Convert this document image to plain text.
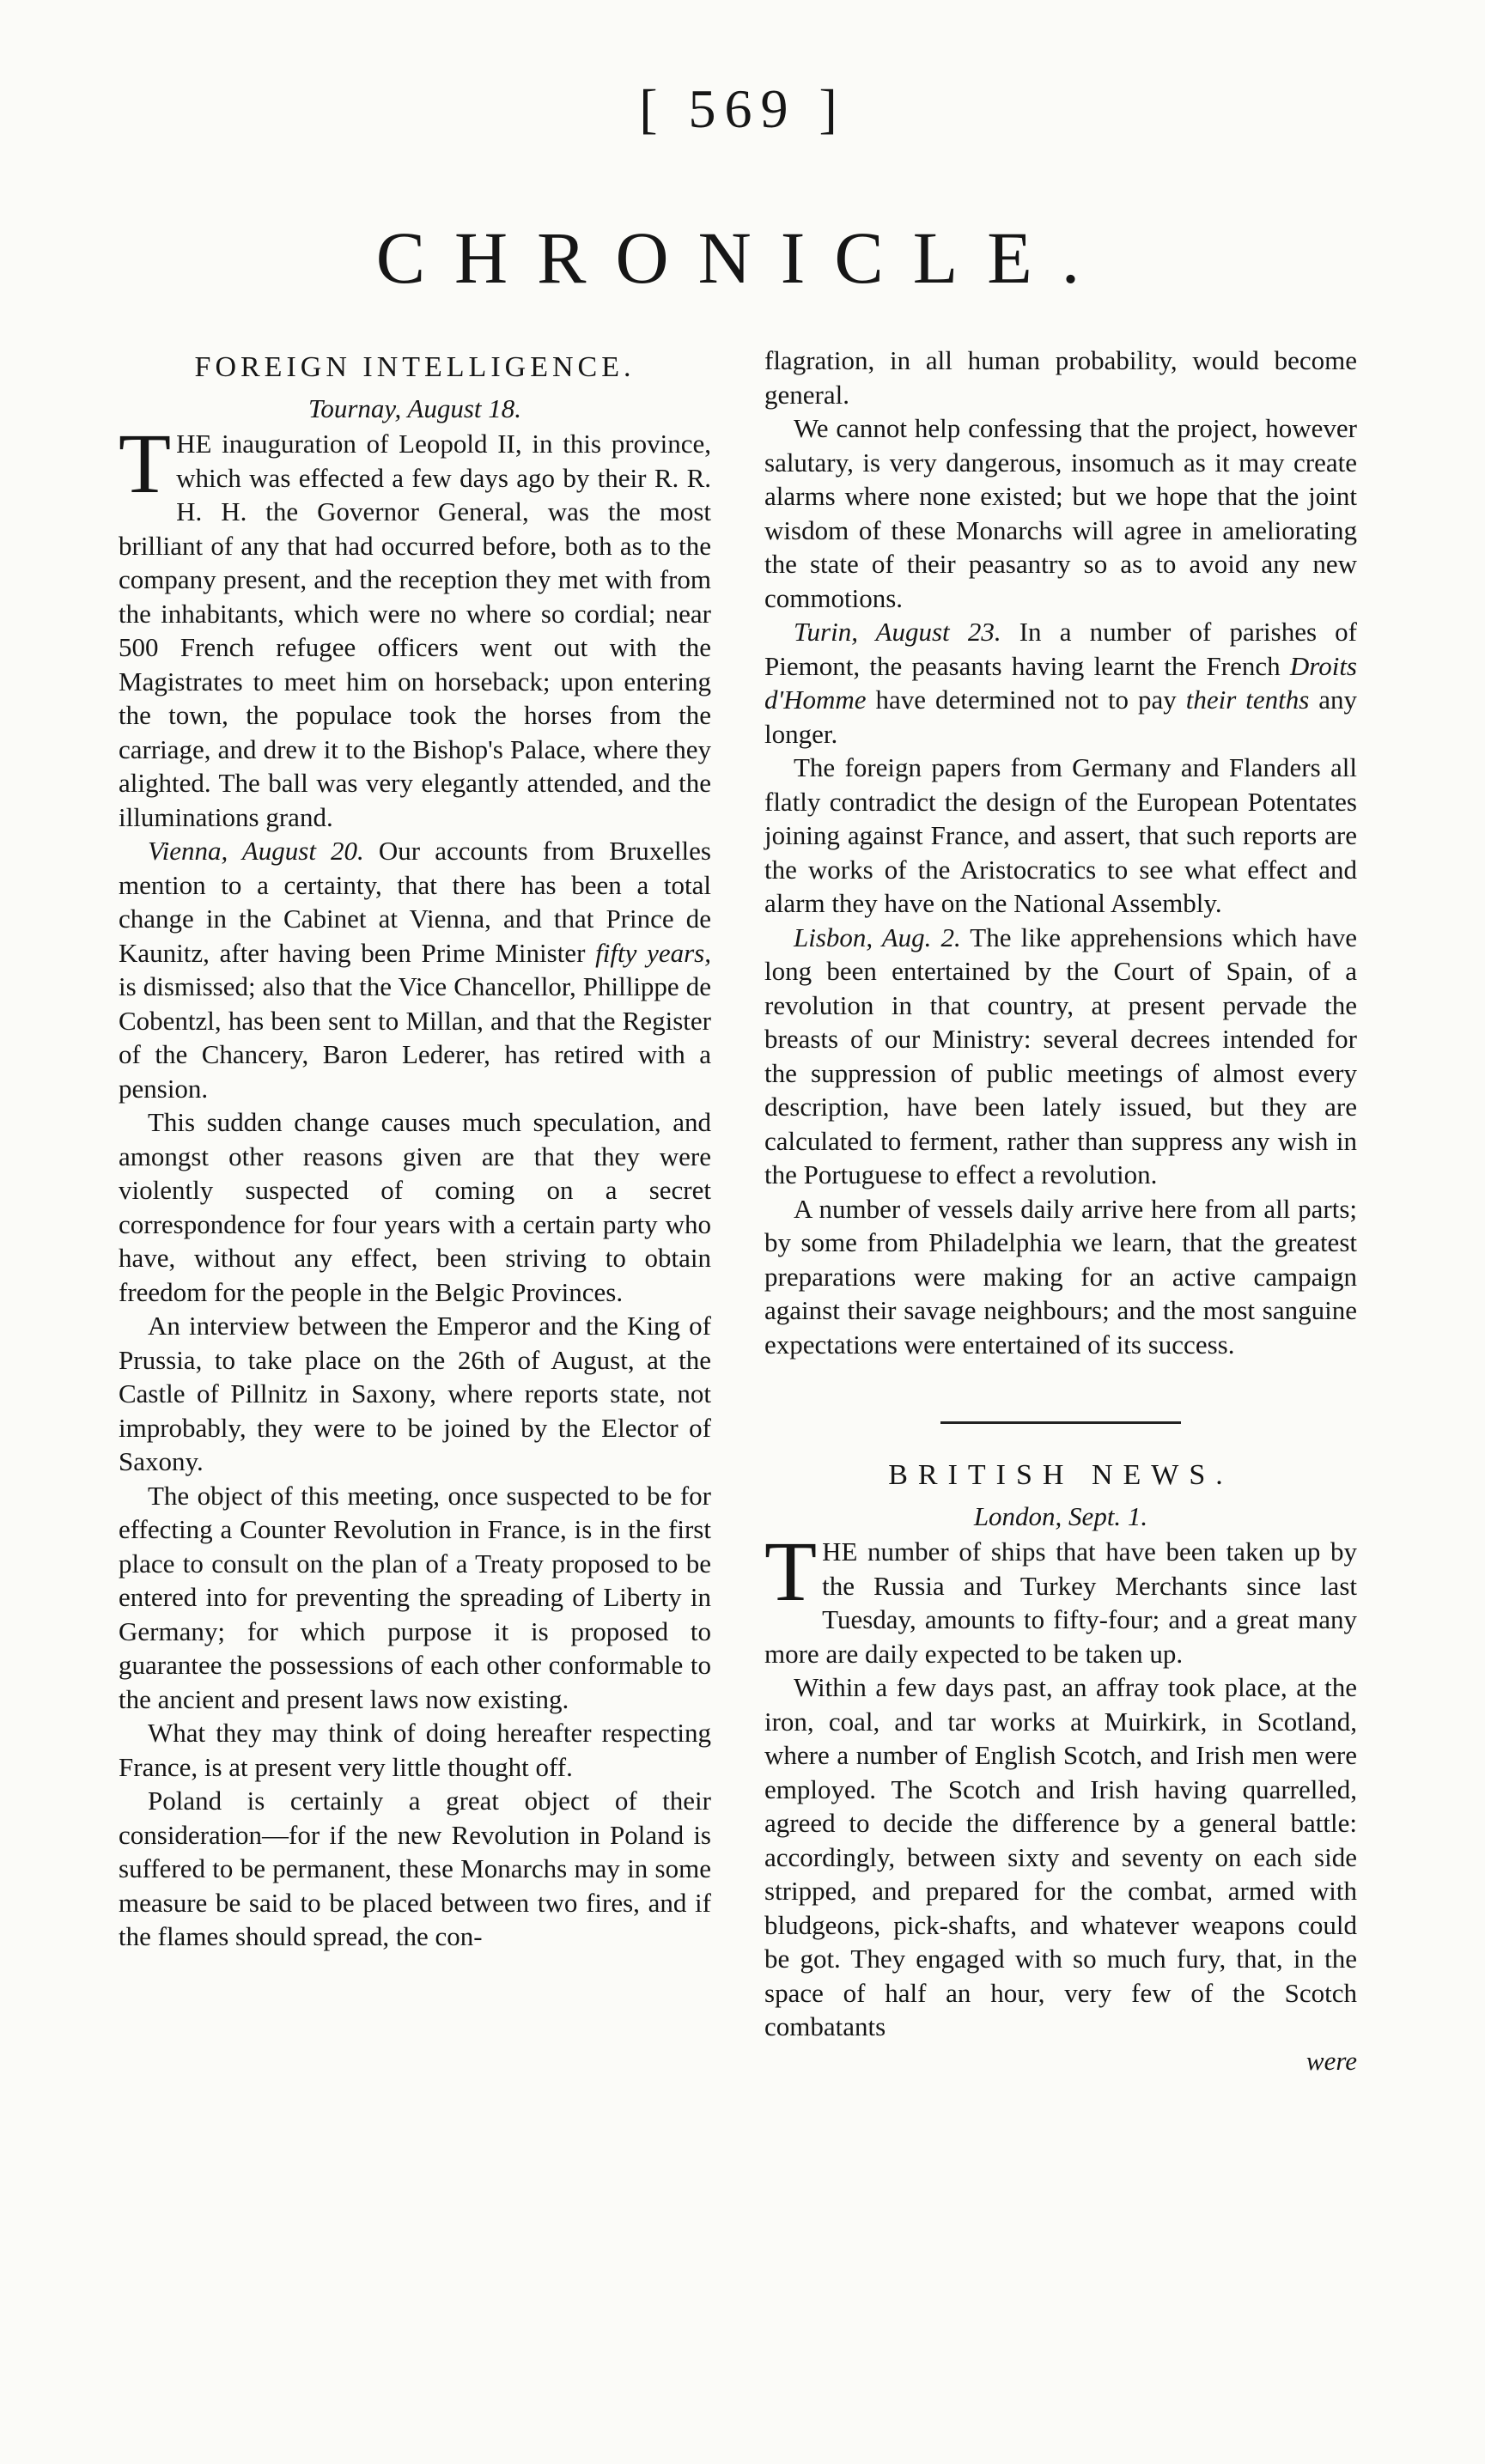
[ 569 ]
CHRONICLE.
FOREIGN INTELLIGENCE.
Tournay, August 18.

THE inauguration of Leopold II, in this province, which was effected a few days ago by their R. R. H. H. the Governor General, was the most brilliant of any that had occurred before, both as to the company present, and the reception they met with from the inhabitants, which were no where so cordial; near 500 French refugee officers went out with the Magistrates to meet him on horseback; upon entering the town, the populace took the horses from the carriage, and drew it to the Bishop's Palace, where they alighted. The ball was very elegantly attended, and the illuminations grand.

Vienna, August 20. Our accounts from Bruxelles mention to a certainty, that there has been a total change in the Cabinet at Vienna, and that Prince de Kaunitz, after having been Prime Minister fifty years, is dismissed; also that the Vice Chancellor, Phillippe de Cobentzl, has been sent to Millan, and that the Register of the Chancery, Baron Lederer, has retired with a pension.

This sudden change causes much speculation, and amongst other reasons given are that they were violently suspected of coming on a secret correspondence for four years with a certain party who have, without any effect, been striving to obtain freedom for the people in the Belgic Provinces.

An interview between the Emperor and the King of Prussia, to take place on the 26th of August, at the Castle of Pillnitz in Saxony, where reports state, not improbably, they were to be joined by the Elector of Saxony.

The object of this meeting, once suspected to be for effecting a Counter Revolution in France, is in the first place to consult on the plan of a Treaty proposed to be entered into for preventing the spreading of Liberty in Germany; for which purpose it is proposed to guarantee the possessions of each other conformable to the ancient and present laws now existing.

What they may think of doing hereafter respecting France, is at present very little thought off.

Poland is certainly a great object of their consideration—for if the new Revolution in Poland is suffered to be permanent, these Monarchs may in some measure be said to be placed between two fires, and if the flames should spread, the con-

flagration, in all human probability, would become general.

We cannot help confessing that the project, however salutary, is very dangerous, insomuch as it may create alarms where none existed; but we hope that the joint wisdom of these Monarchs will agree in ameliorating the state of their peasantry so as to avoid any new commotions.

Turin, August 23. In a number of parishes of Piemont, the peasants having learnt the French Droits d'Homme have determined not to pay their tenths any longer.

The foreign papers from Germany and Flanders all flatly contradict the design of the European Potentates joining against France, and assert, that such reports are the works of the Aristocratics to see what effect and alarm they have on the National Assembly.

Lisbon, Aug. 2. The like apprehensions which have long been entertained by the Court of Spain, of a revolution in that country, at present pervade the breasts of our Ministry: several decrees intended for the suppression of public meetings of almost every description, have been lately issued, but they are calculated to ferment, rather than suppress any wish in the Portuguese to effect a revolution.

A number of vessels daily arrive here from all parts; by some from Philadelphia we learn, that the greatest preparations were making for an active campaign against their savage neighbours; and the most sanguine expectations were entertained of its success.

BRITISH NEWS.
London, Sept. 1.

THE number of ships that have been taken up by the Russia and Turkey Merchants since last Tuesday, amounts to fifty-four; and a great many more are daily expected to be taken up.

Within a few days past, an affray took place, at the iron, coal, and tar works at Muirkirk, in Scotland, where a number of English Scotch, and Irish men were employed. The Scotch and Irish having quarrelled, agreed to decide the difference by a general battle: accordingly, between sixty and seventy on each side stripped, and prepared for the combat, armed with bludgeons, pick-shafts, and whatever weapons could be got. They engaged with so much fury, that, in the space of half an hour, very few of the Scotch combatants

were
